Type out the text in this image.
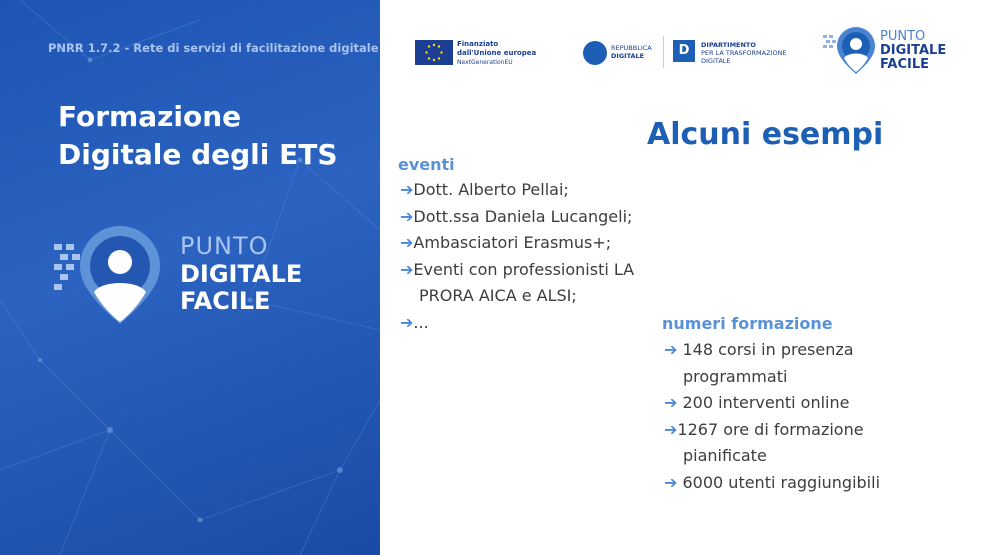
PNRR 1.7.2 - Rete di servizi di facilitazione digitale
Formazione
Digitale degli ETS
PUNTO
DIGITALE
FACILE
Finanziato
dall'Unione europea
NextGenerationEU
REPUBBLICA
DIGITALE	D	DIPARTIMENTO
PER LA TRASFORMAZIONE
DIGITALE
PUNTO
DIGITALE
FACILE
Alcuni esempi
eventi
➔Dott. Alberto Pellai;
➔Dott.ssa Daniela Lucangeli;
➔Ambasciatori Erasmus+;
➔Eventi con professionisti LA
PRORA AICA e ALSI;
➔...	numeri formazione
➔ 148 corsi in presenza
programmati
➔ 200 interventi online
➔1267 ore di formazione
pianificate
➔ 6000 utenti raggiungibili
